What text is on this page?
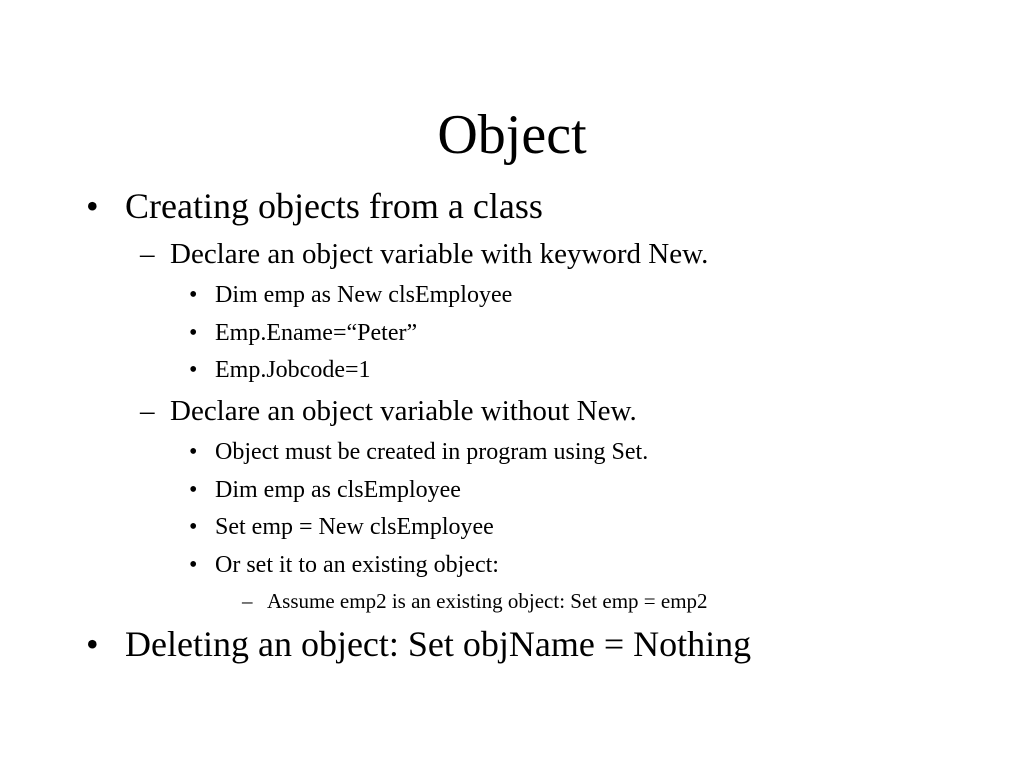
Object
• Creating objects from a class
– Declare an object variable with keyword New.
• Dim emp as New clsEmployee
• Emp.Ename=“Peter”
• Emp.Jobcode=1
– Declare an object variable without New.
• Object must be created in program using Set.
• Dim emp as clsEmployee
• Set emp = New clsEmployee
• Or set it to an existing object:
– Assume emp2 is an existing object: Set emp = emp2
• Deleting an object: Set objName = Nothing
